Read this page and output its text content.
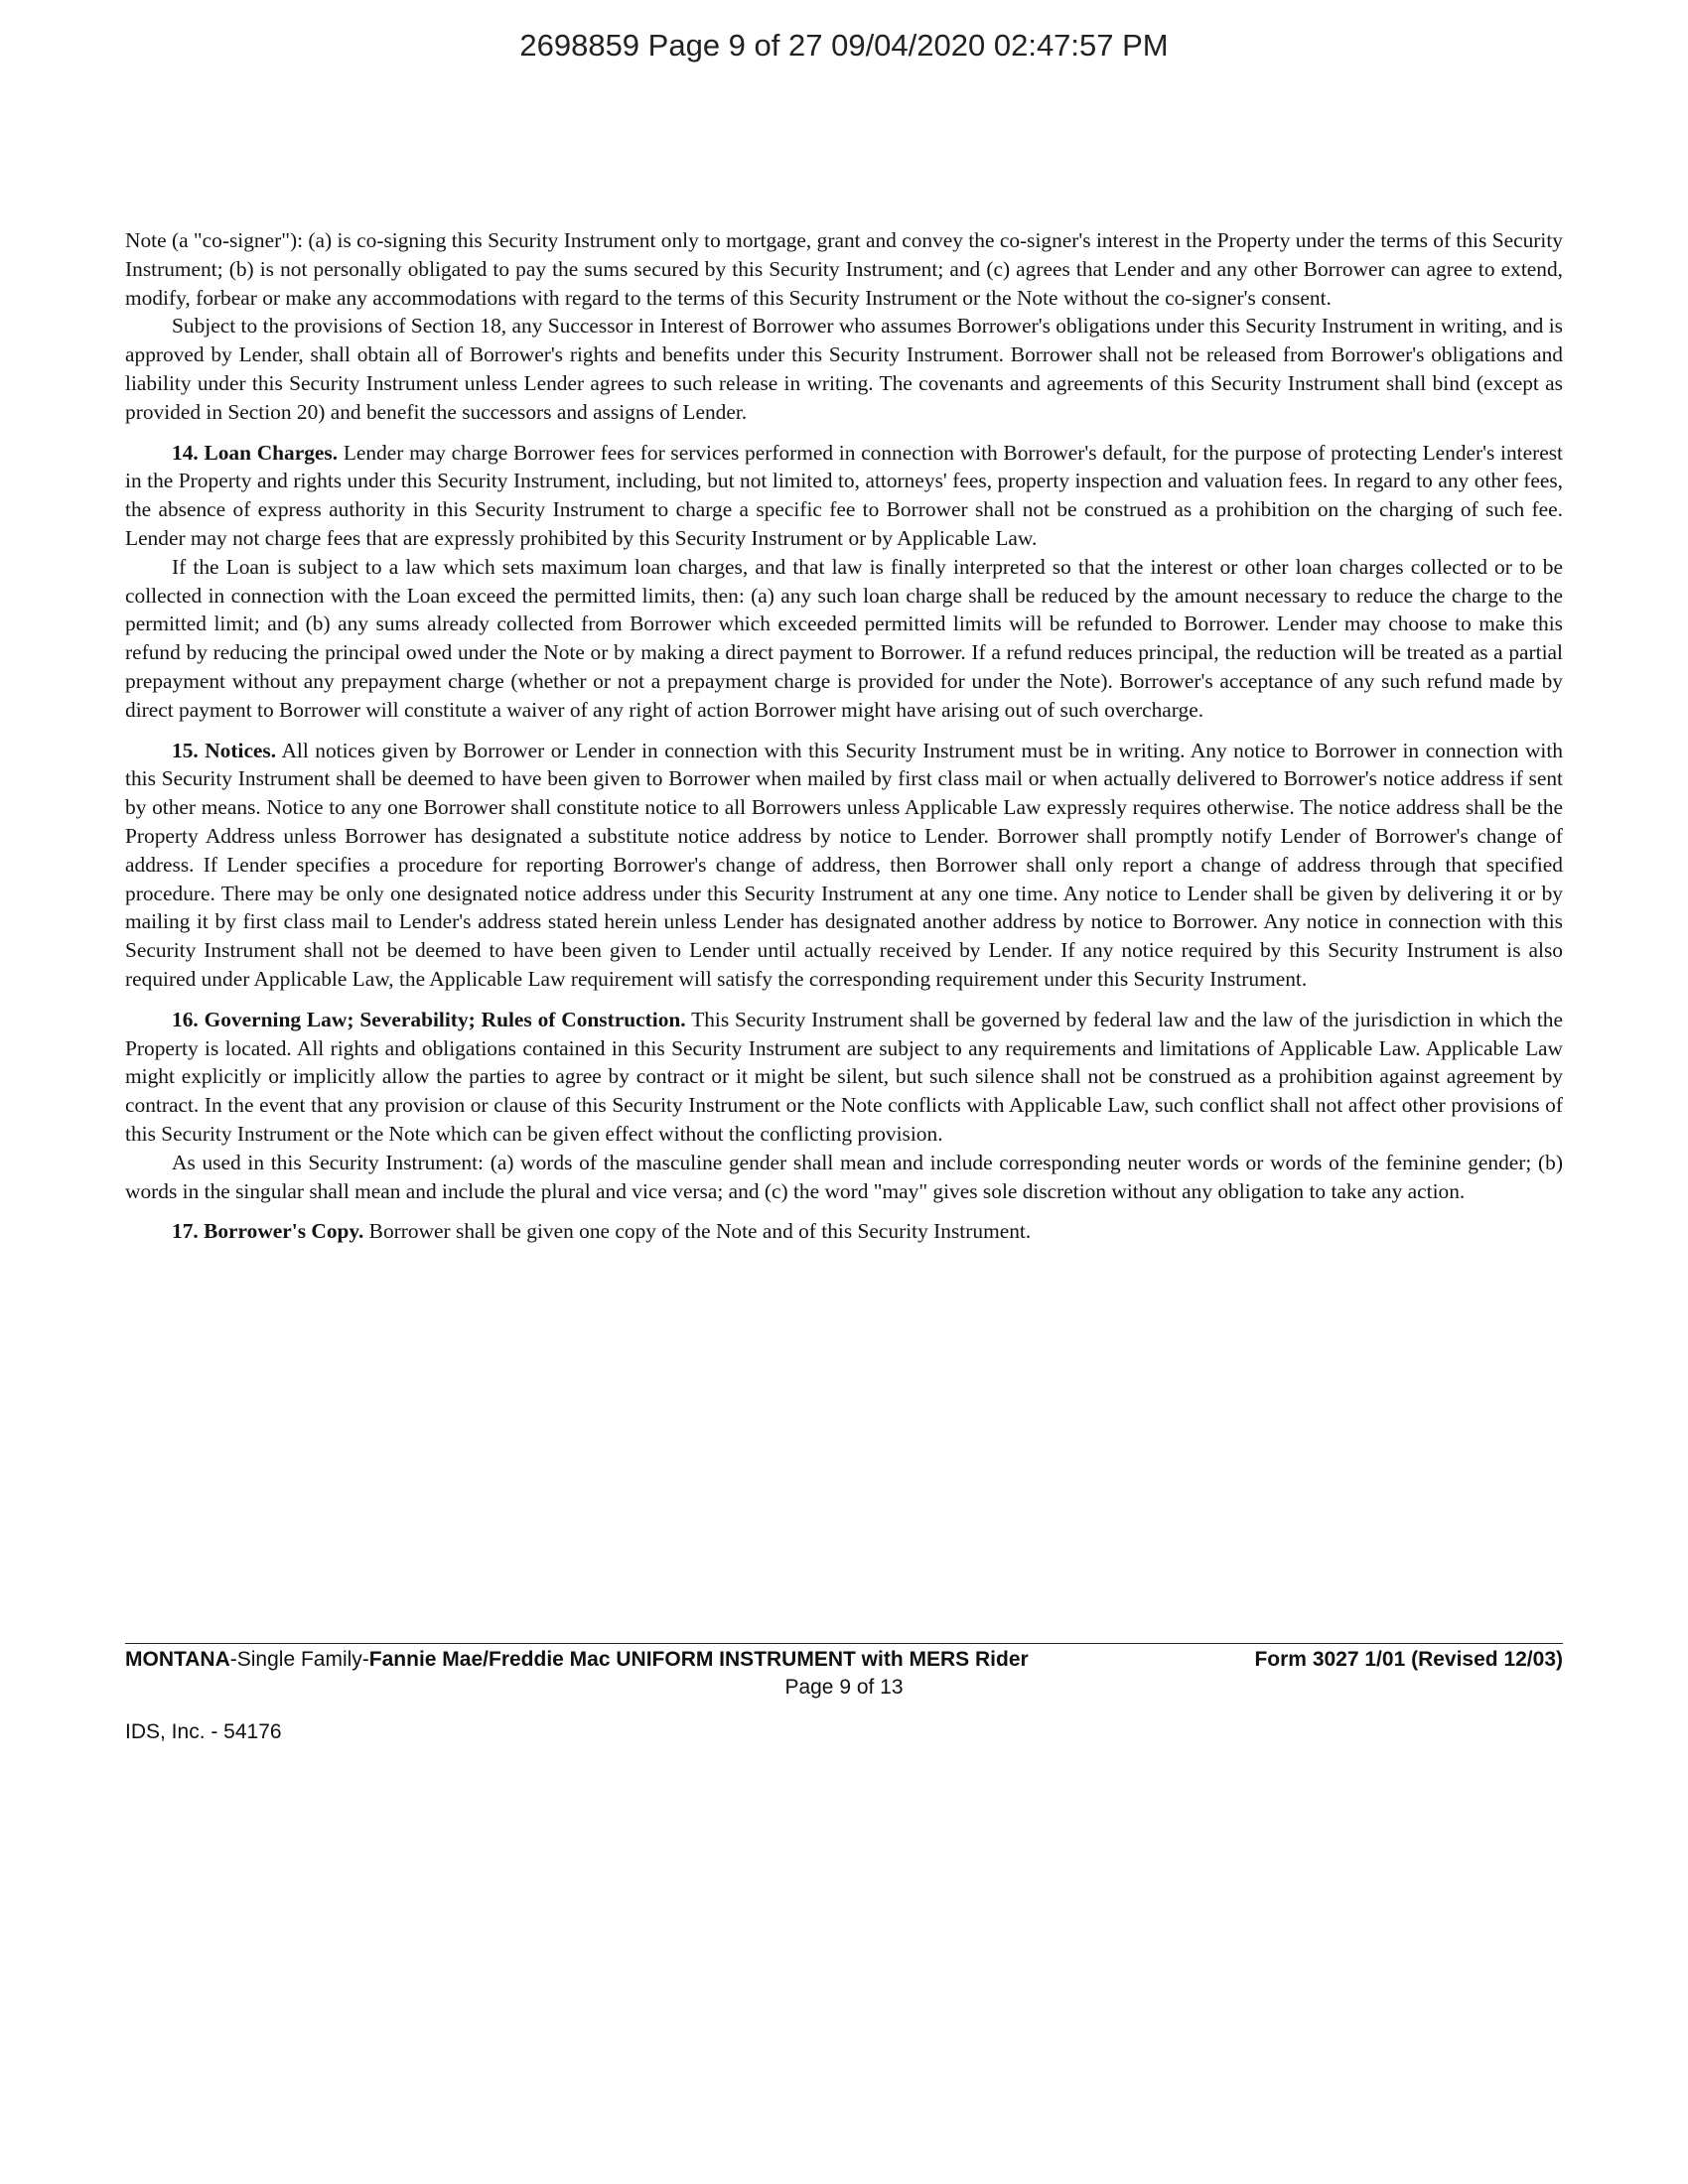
2698859 Page 9 of 27 09/04/2020 02:47:57 PM

Note (a "co-signer"): (a) is co-signing this Security Instrument only to mortgage, grant and convey the co-signer's interest in the Property under the terms of this Security Instrument; (b) is not personally obligated to pay the sums secured by this Security Instrument; and (c) agrees that Lender and any other Borrower can agree to extend, modify, forbear or make any accommodations with regard to the terms of this Security Instrument or the Note without the co-signer's consent.

Subject to the provisions of Section 18, any Successor in Interest of Borrower who assumes Borrower's obligations under this Security Instrument in writing, and is approved by Lender, shall obtain all of Borrower's rights and benefits under this Security Instrument. Borrower shall not be released from Borrower's obligations and liability under this Security Instrument unless Lender agrees to such release in writing. The covenants and agreements of this Security Instrument shall bind (except as provided in Section 20) and benefit the successors and assigns of Lender.

14. Loan Charges. Lender may charge Borrower fees for services performed in connection with Borrower's default, for the purpose of protecting Lender's interest in the Property and rights under this Security Instrument, including, but not limited to, attorneys' fees, property inspection and valuation fees. In regard to any other fees, the absence of express authority in this Security Instrument to charge a specific fee to Borrower shall not be construed as a prohibition on the charging of such fee. Lender may not charge fees that are expressly prohibited by this Security Instrument or by Applicable Law.

If the Loan is subject to a law which sets maximum loan charges, and that law is finally interpreted so that the interest or other loan charges collected or to be collected in connection with the Loan exceed the permitted limits, then: (a) any such loan charge shall be reduced by the amount necessary to reduce the charge to the permitted limit; and (b) any sums already collected from Borrower which exceeded permitted limits will be refunded to Borrower. Lender may choose to make this refund by reducing the principal owed under the Note or by making a direct payment to Borrower. If a refund reduces principal, the reduction will be treated as a partial prepayment without any prepayment charge (whether or not a prepayment charge is provided for under the Note). Borrower's acceptance of any such refund made by direct payment to Borrower will constitute a waiver of any right of action Borrower might have arising out of such overcharge.

15. Notices. All notices given by Borrower or Lender in connection with this Security Instrument must be in writing. Any notice to Borrower in connection with this Security Instrument shall be deemed to have been given to Borrower when mailed by first class mail or when actually delivered to Borrower's notice address if sent by other means. Notice to any one Borrower shall constitute notice to all Borrowers unless Applicable Law expressly requires otherwise. The notice address shall be the Property Address unless Borrower has designated a substitute notice address by notice to Lender. Borrower shall promptly notify Lender of Borrower's change of address. If Lender specifies a procedure for reporting Borrower's change of address, then Borrower shall only report a change of address through that specified procedure. There may be only one designated notice address under this Security Instrument at any one time. Any notice to Lender shall be given by delivering it or by mailing it by first class mail to Lender's address stated herein unless Lender has designated another address by notice to Borrower. Any notice in connection with this Security Instrument shall not be deemed to have been given to Lender until actually received by Lender. If any notice required by this Security Instrument is also required under Applicable Law, the Applicable Law requirement will satisfy the corresponding requirement under this Security Instrument.

16. Governing Law; Severability; Rules of Construction. This Security Instrument shall be governed by federal law and the law of the jurisdiction in which the Property is located. All rights and obligations contained in this Security Instrument are subject to any requirements and limitations of Applicable Law. Applicable Law might explicitly or implicitly allow the parties to agree by contract or it might be silent, but such silence shall not be construed as a prohibition against agreement by contract. In the event that any provision or clause of this Security Instrument or the Note conflicts with Applicable Law, such conflict shall not affect other provisions of this Security Instrument or the Note which can be given effect without the conflicting provision.

As used in this Security Instrument: (a) words of the masculine gender shall mean and include corresponding neuter words or words of the feminine gender; (b) words in the singular shall mean and include the plural and vice versa; and (c) the word "may" gives sole discretion without any obligation to take any action.

17. Borrower's Copy. Borrower shall be given one copy of the Note and of this Security Instrument.

MONTANA-Single Family-Fannie Mae/Freddie Mac UNIFORM INSTRUMENT with MERS Rider	Form 3027 1/01 (Revised 12/03)
Page 9 of 13
IDS, Inc. - 54176
